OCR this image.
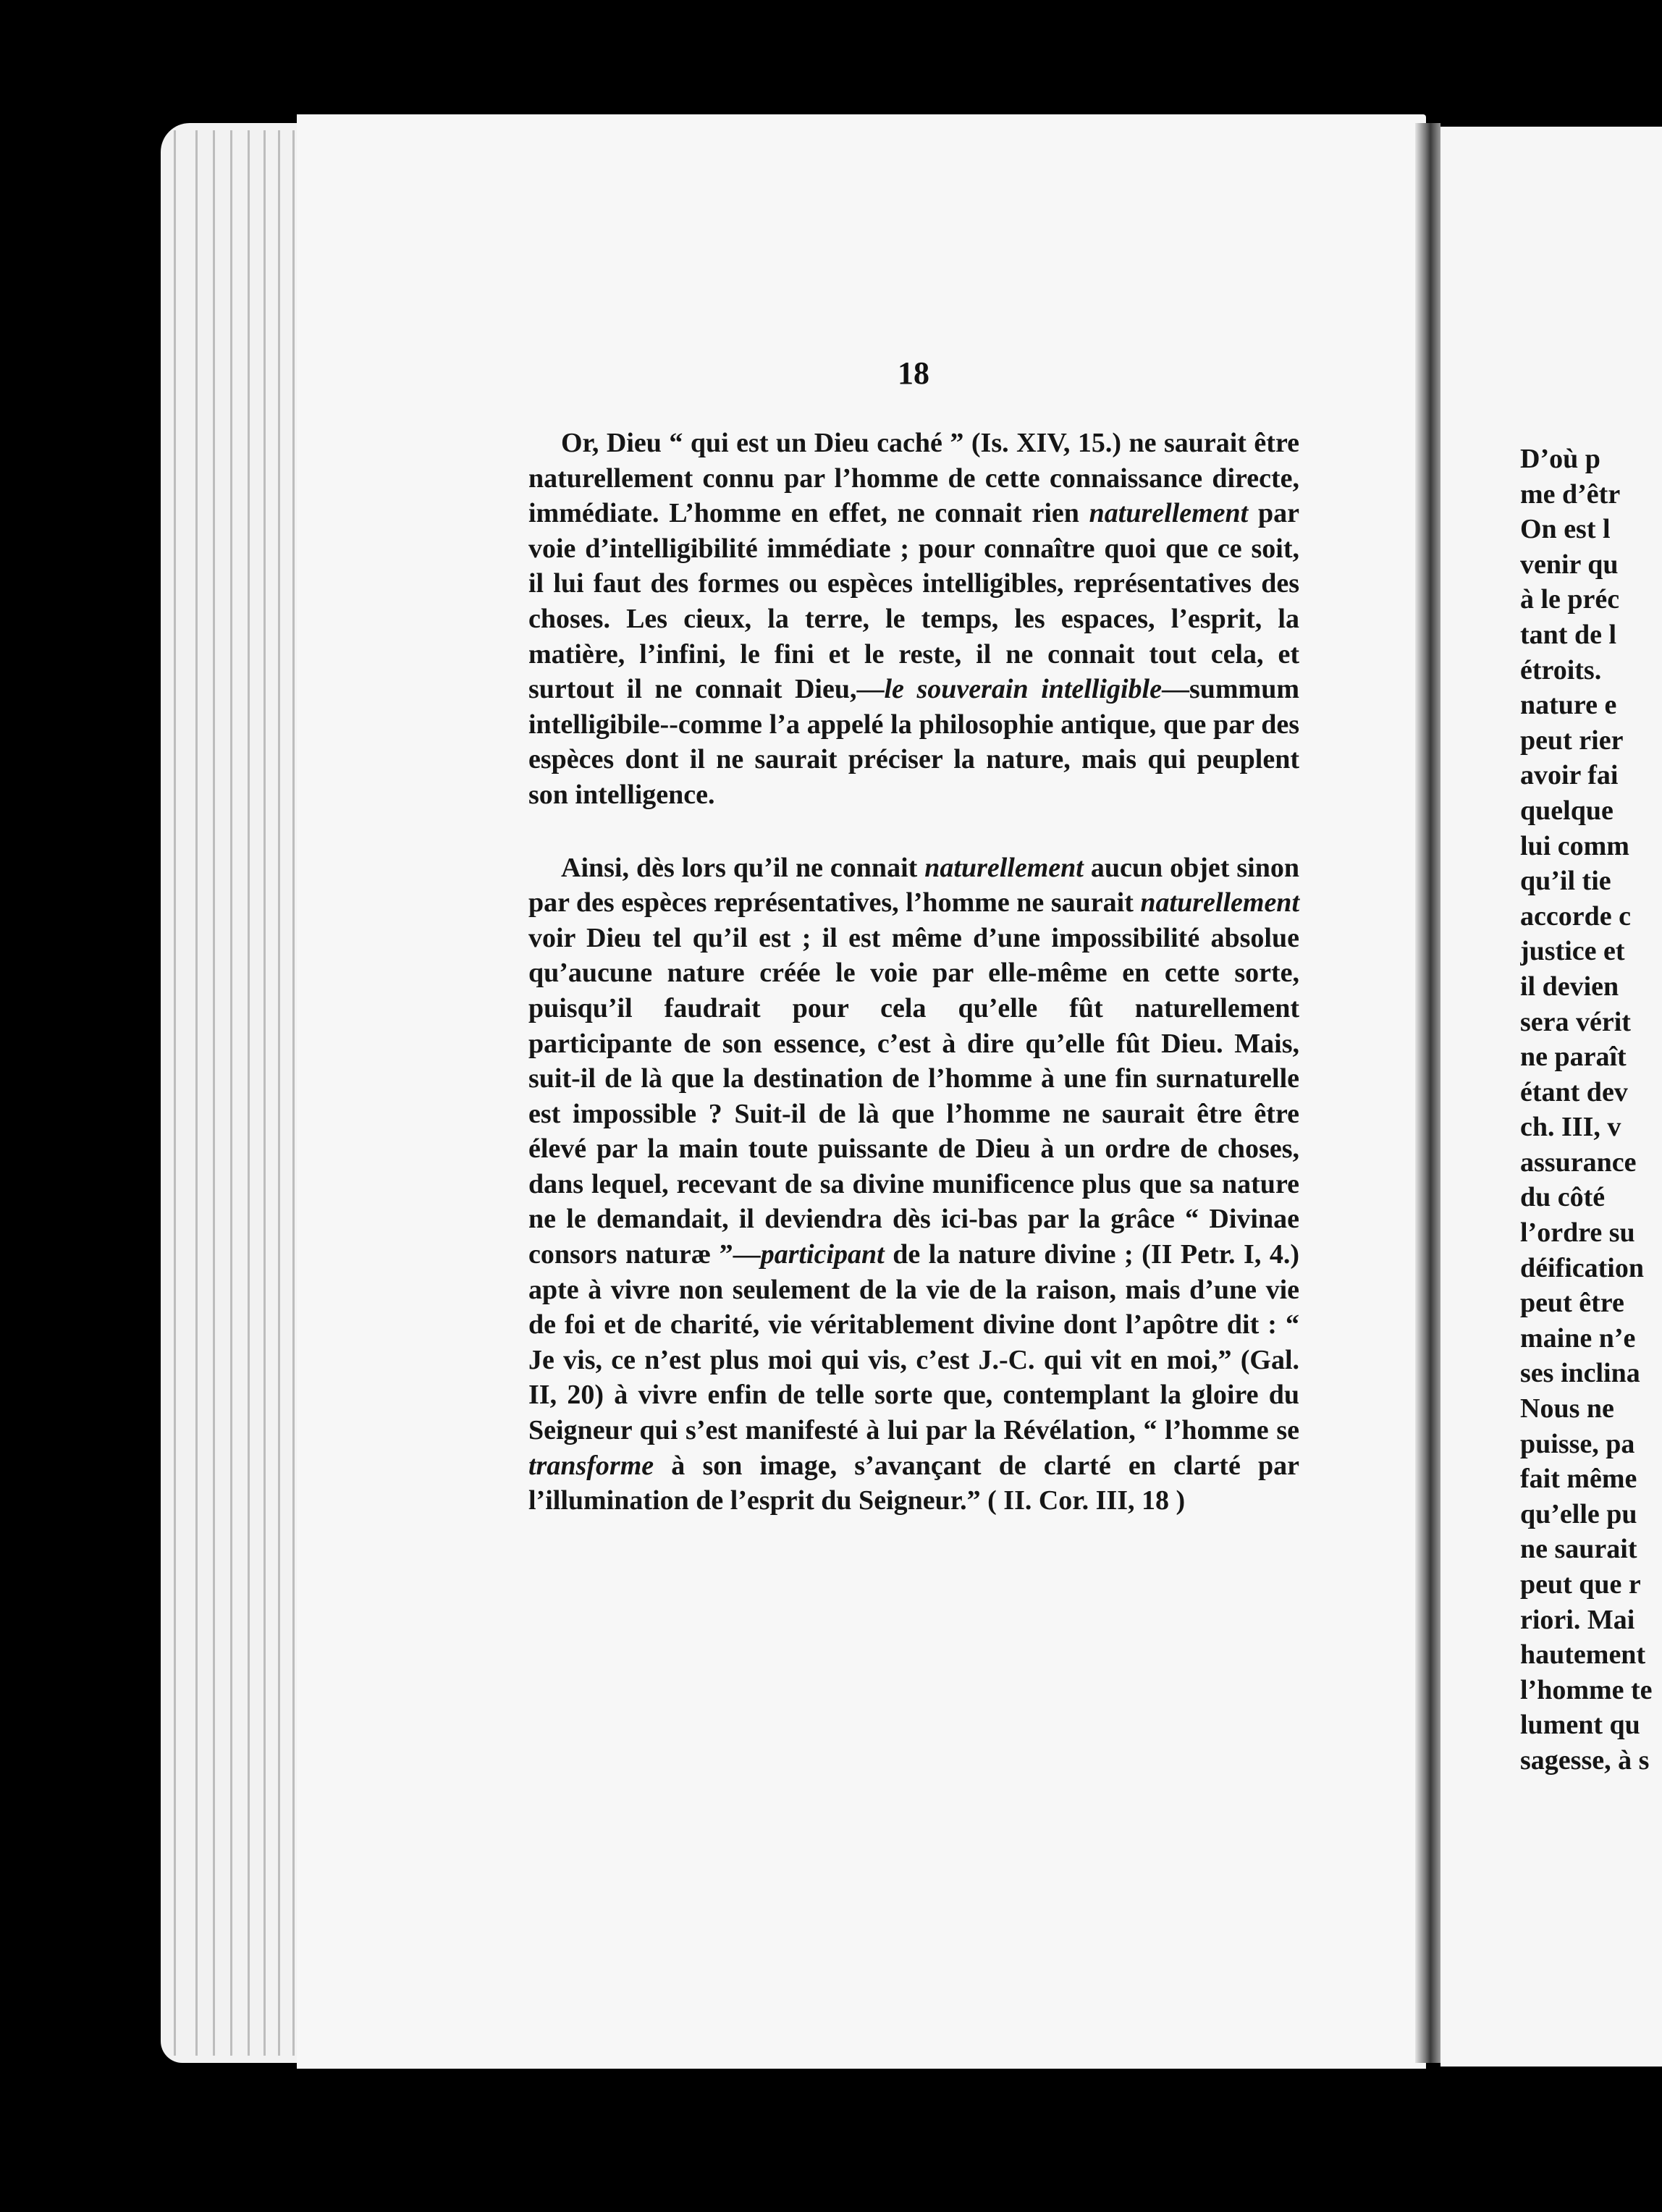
18

Or, Dieu “ qui est un Dieu caché ” (Is. XIV, 15.) ne saurait être naturellement connu par l’homme de cette connaissance directe, immédiate. L’homme en effet, ne connait rien naturellement par voie d’intelligibilité immédiate ; pour connaître quoi que ce soit, il lui faut des formes ou espèces intelligibles, représentatives des choses. Les cieux, la terre, le temps, les espaces, l’esprit, la matière, l’infini, le fini et le reste, il ne connait tout cela, et surtout il ne connait Dieu,—le souverain intelligible—summum intelligibile--comme l’a appelé la philosophie antique, que par des espèces dont il ne saurait préciser la nature, mais qui peuplent son intelligence.

Ainsi, dès lors qu’il ne connait naturellement aucun objet sinon par des espèces représentatives, l’homme ne saurait naturellement voir Dieu tel qu’il est ; il est même d’une impossibilité absolue qu’aucune nature créée le voie par elle-même en cette sorte, puisqu’il faudrait pour cela qu’elle fût naturellement participante de son essence, c’est à dire qu’elle fût Dieu. Mais, suit-il de là que la destination de l’homme à une fin surnaturelle est impossible ? Suit-il de là que l’homme ne saurait être être élevé par la main toute puissante de Dieu à un ordre de choses, dans lequel, recevant de sa divine munificence plus que sa nature ne le demandait, il deviendra dès ici-bas par la grâce “ Divinae consors naturæ ”—participant de la nature divine ; (II Petr. I, 4.) apte à vivre non seulement de la vie de la raison, mais d’une vie de foi et de charité, vie véritablement divine dont l’apôtre dit : “ Je vis, ce n’est plus moi qui vis, c’est J.-C. qui vit en moi,” (Gal. II, 20) à vivre enfin de telle sorte que, contemplant la gloire du Seigneur qui s’est manifesté à lui par la Révélation, “ l’homme se transforme à son image, s’avançant de clarté en clarté par l’illumination de l’esprit du Seigneur.” ( II. Cor. III, 18 )

D’où p
me d’êtr
On est l
venir qu
à le préc
tant de l
étroits.
nature e
peut rier
avoir fai
quelque
lui comm
qu’il tie
accorde c
justice et
il devien
sera vérit
ne paraît
étant dev
ch. III, v
assurance
du côté
l’ordre su
déification
peut être
maine n’e
ses inclina
Nous ne
puisse, pa
fait même
qu’elle pu
ne saurait
peut que r
riori. Mai
hautement
l’homme te
lument qu
sagesse, à s
